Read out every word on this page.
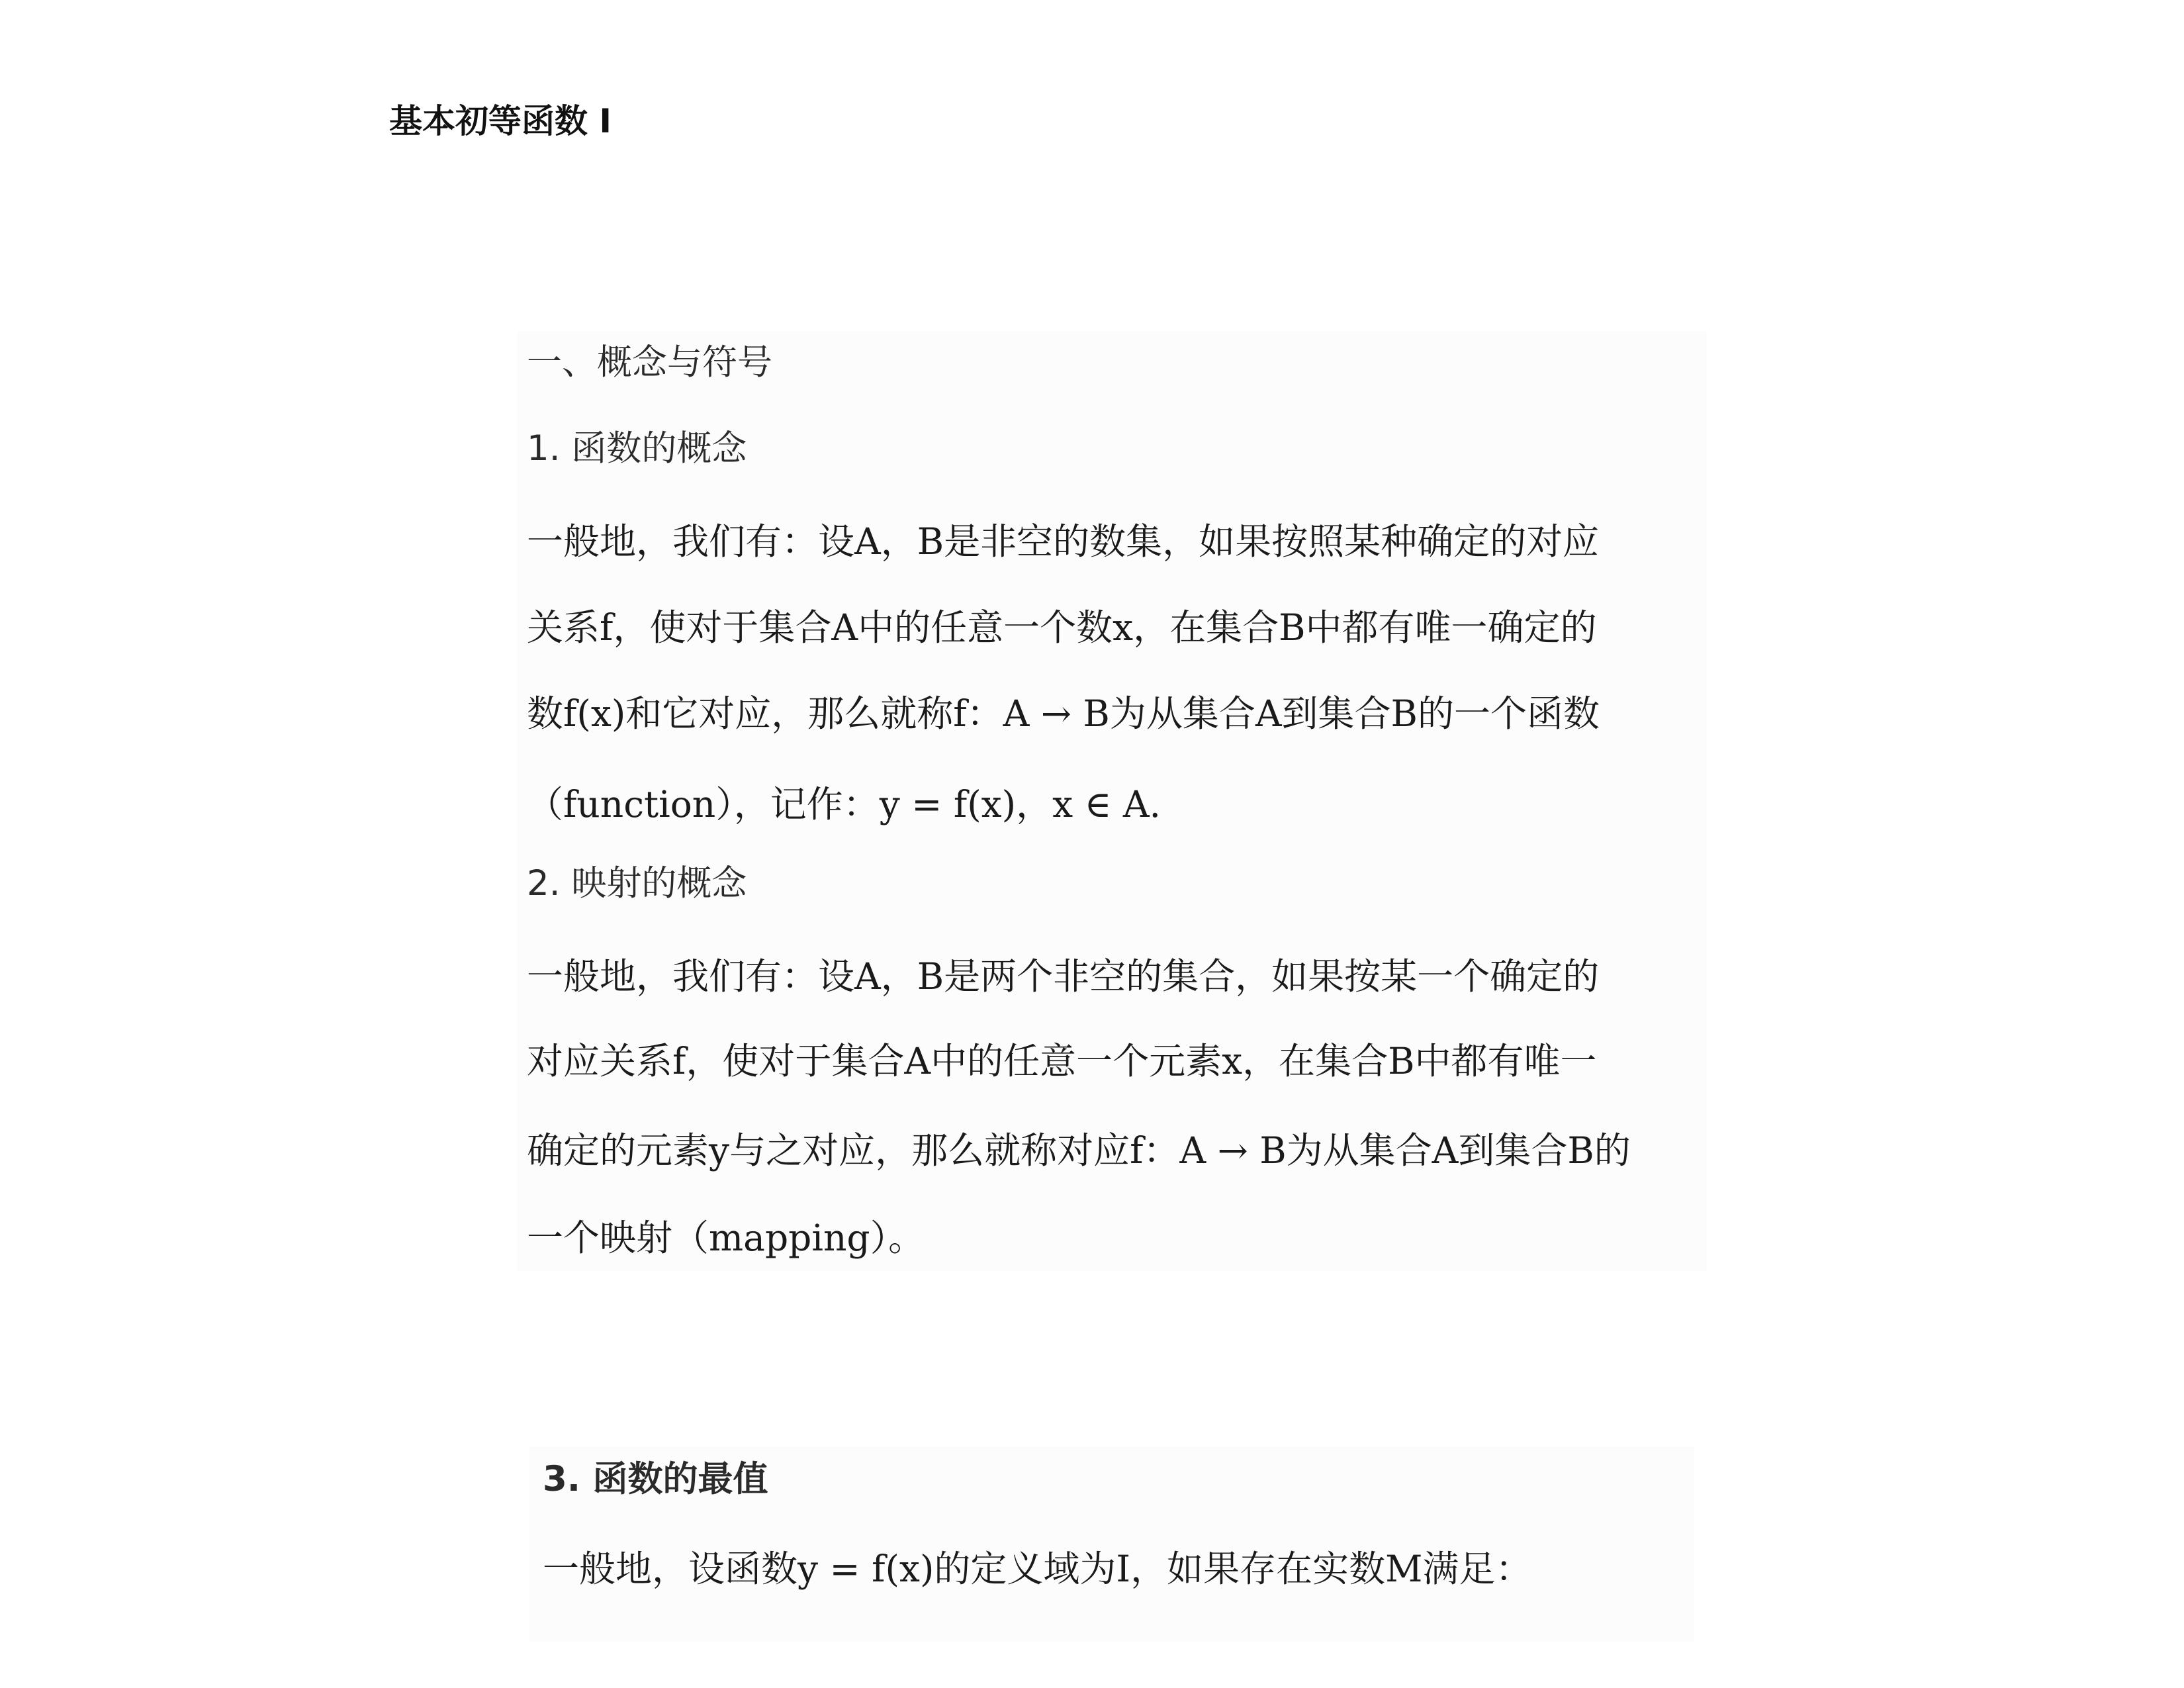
基本初等函数 I
一、概念与符号
1. 函数的概念
一般地，我们有：设A，B是非空的数集，如果按照某种确定的对应
关系f，使对于集合A中的任意一个数x，在集合B中都有唯一确定的
数f(x)和它对应，那么就称f：A → B为从集合A到集合B的一个函数
（function），记作：y = f(x)，x ∈ A.
2. 映射的概念
一般地，我们有：设A，B是两个非空的集合，如果按某一个确定的
对应关系f，使对于集合A中的任意一个元素x，在集合B中都有唯一
确定的元素y与之对应，那么就称对应f：A → B为从集合A到集合B的
一个映射（mapping）。
3. 函数的最值
一般地，设函数y = f(x)的定义域为I，如果存在实数M满足：
